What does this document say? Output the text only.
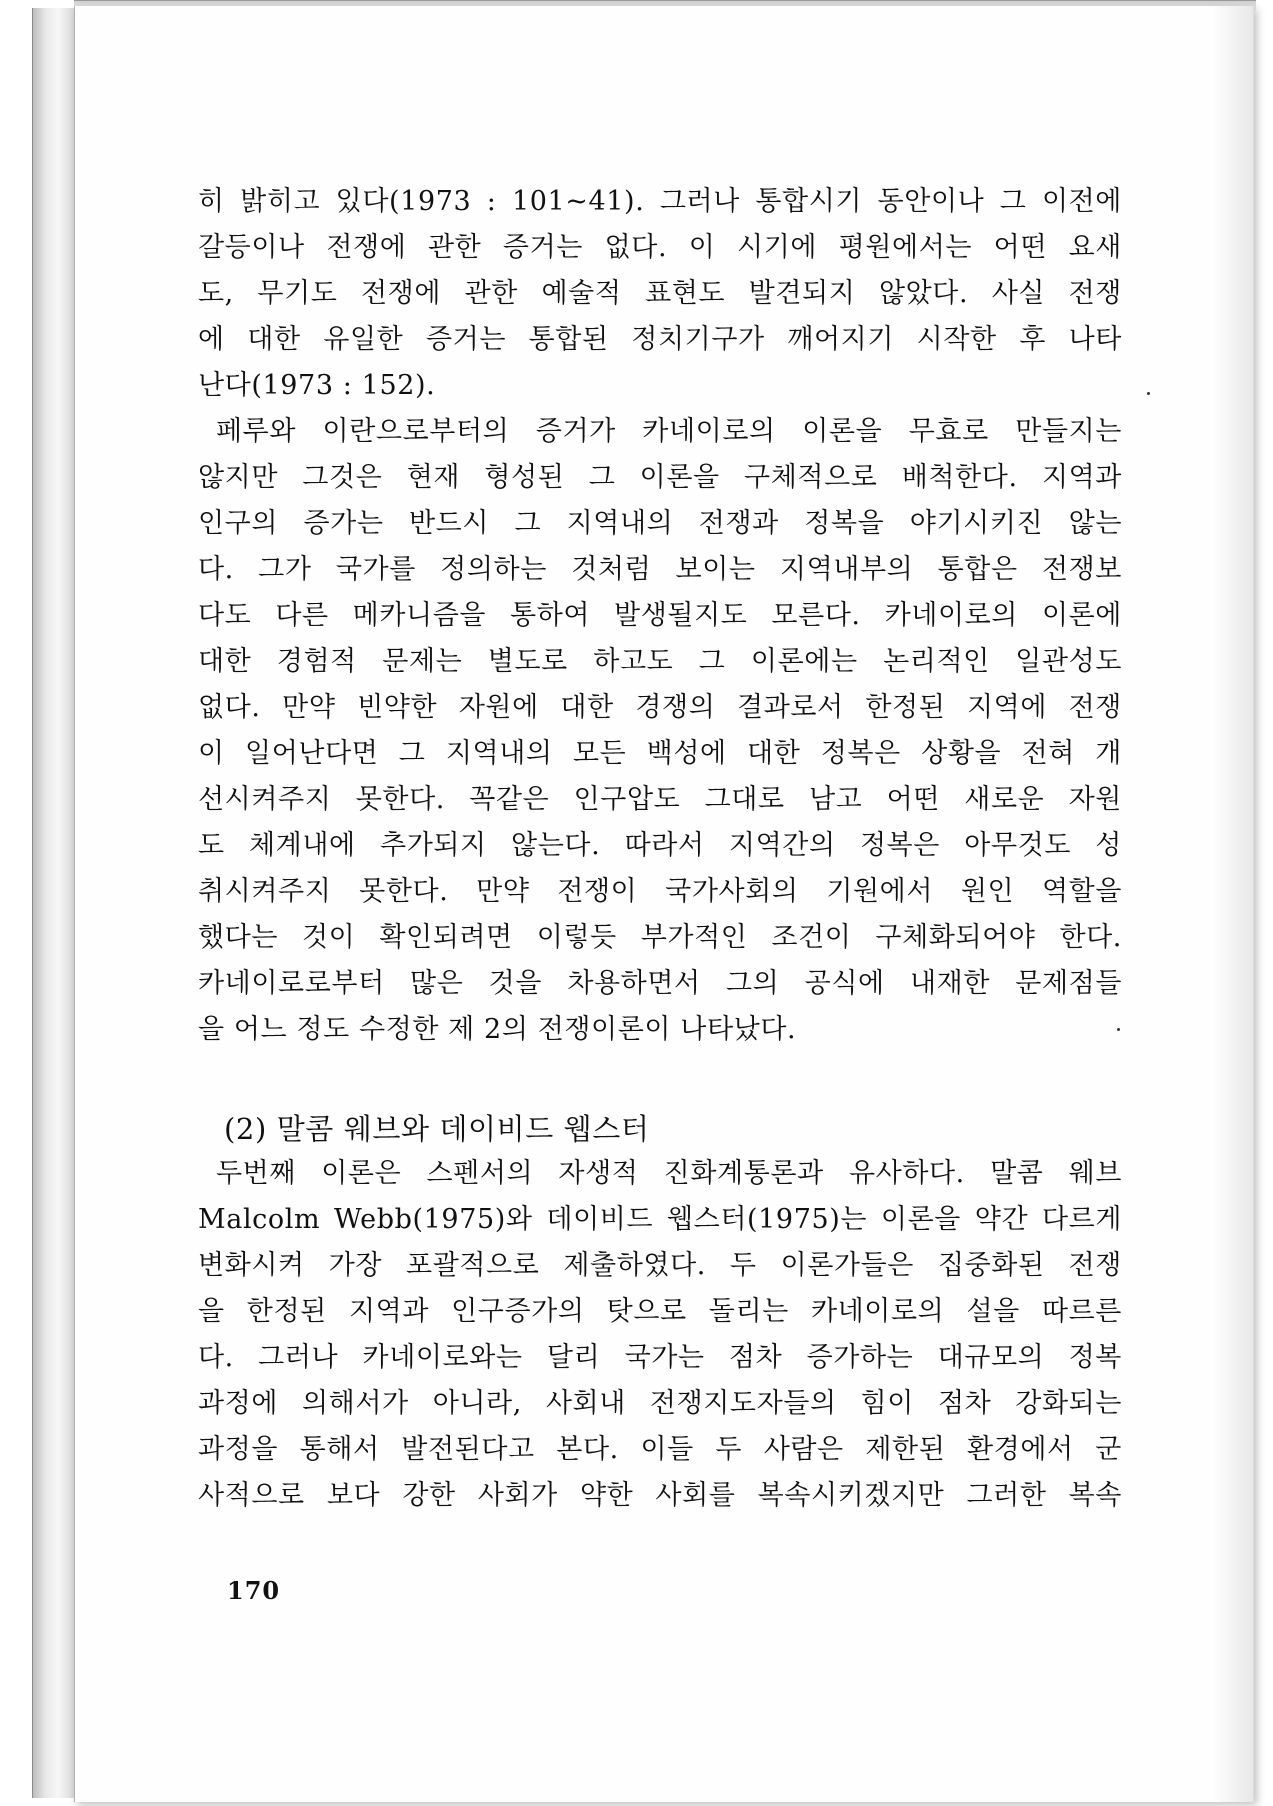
히 밝히고 있다(1973 : 101~41). 그러나 통합시기 동안이나 그 이전에
갈등이나 전쟁에 관한 증거는 없다. 이 시기에 평원에서는 어떤 요새
도, 무기도 전쟁에 관한 예술적 표현도 발견되지 않았다. 사실 전쟁
에 대한 유일한 증거는 통합된 정치기구가 깨어지기 시작한 후 나타
난다(1973 : 152).
페루와 이란으로부터의 증거가 카네이로의 이론을 무효로 만들지는
않지만 그것은 현재 형성된 그 이론을 구체적으로 배척한다. 지역과
인구의 증가는 반드시 그 지역내의 전쟁과 정복을 야기시키진 않는
다. 그가 국가를 정의하는 것처럼 보이는 지역내부의 통합은 전쟁보
다도 다른 메카니즘을 통하여 발생될지도 모른다. 카네이로의 이론에
대한 경험적 문제는 별도로 하고도 그 이론에는 논리적인 일관성도
없다. 만약 빈약한 자원에 대한 경쟁의 결과로서 한정된 지역에 전쟁
이 일어난다면 그 지역내의 모든 백성에 대한 정복은 상황을 전혀 개
선시켜주지 못한다. 꼭같은 인구압도 그대로 남고 어떤 새로운 자원
도 체계내에 추가되지 않는다. 따라서 지역간의 정복은 아무것도 성
취시켜주지 못한다. 만약 전쟁이 국가사회의 기원에서 원인 역할을
했다는 것이 확인되려면 이렇듯 부가적인 조건이 구체화되어야 한다.
카네이로로부터 많은 것을 차용하면서 그의 공식에 내재한 문제점들
을 어느 정도 수정한 제 2의 전쟁이론이 나타났다.
(2) 말콤 웨브와 데이비드 웹스터
두번째 이론은 스펜서의 자생적 진화계통론과 유사하다. 말콤 웨브
Malcolm Webb(1975)와 데이비드 웹스터(1975)는 이론을 약간 다르게
변화시켜 가장 포괄적으로 제출하였다. 두 이론가들은 집중화된 전쟁
을 한정된 지역과 인구증가의 탓으로 돌리는 카네이로의 설을 따르른
다. 그러나 카네이로와는 달리 국가는 점차 증가하는 대규모의 정복
과정에 의해서가 아니라, 사회내 전쟁지도자들의 힘이 점차 강화되는
과정을 통해서 발전된다고 본다. 이들 두 사람은 제한된 환경에서 군
사적으로 보다 강한 사회가 약한 사회를 복속시키겠지만 그러한 복속
170
